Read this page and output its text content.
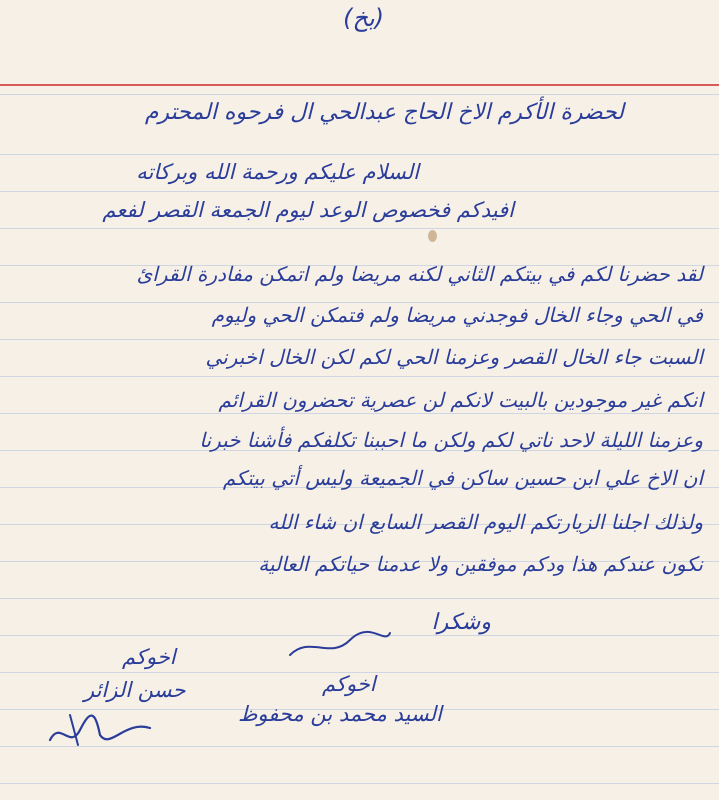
(بخ)

لحضرة الأكرم الاخ الحاج عبدالحي ال فرحوه المحترم

السلام عليكم ورحمة الله وبركاته

افيدكم فخصوص الوعد ليوم الجمعة القصر لفعم

لقد حضرنا لكم في بيتكم الثاني لكنه مريضا ولم اتمكن مفادرة القرائ

في الحي وجاء الخال فوجدني مريضا ولم فتمكن الحي وليوم

السبت جاء الخال القصر وعزمنا الحي لكم لكن الخال اخبرني

انكم غير موجودين بالبيت لانكم لن عصرية تحضرون القرائم

وعزمنا الليلة لاحد ناتي لكم ولكن ما احببنا تكلفكم فأشنا خبرنا

ان الاخ علي ابن حسين ساكن في الجميعة وليس أتي بيتكم

ولذلك اجلنا الزيارتكم اليوم القصر السابع ان شاء الله

نكون عندكم هذا ودكم موفقين ولا عدمنا حياتكم العالية

وشكرا

اخوكم

حسن الزائر	اخوكم

السيد محمد بن محفوظ
